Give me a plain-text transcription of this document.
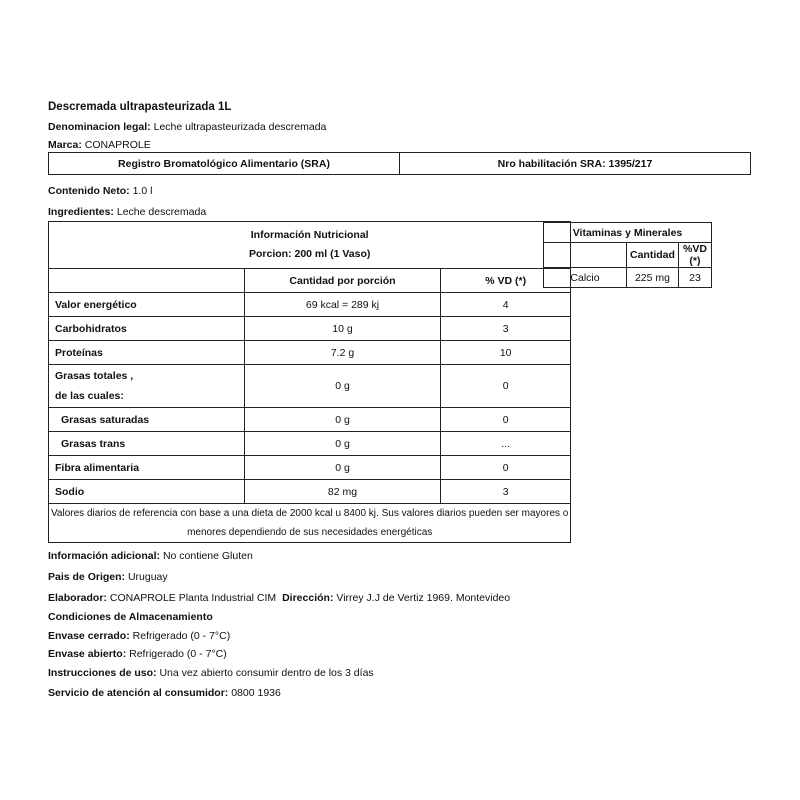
Descremada ultrapasteurizada 1L
Denominacion legal: Leche ultrapasteurizada descremada
Marca: CONAPROLE
Registro Bromatológico Alimentario (SRA)	Nro habilitación SRA: 1395/217
Contenido Neto: 1.0 l
Ingredientes: Leche descremada
Información Nutricional
Porcion: 200 ml (1 Vaso)		

	Cantidad por porción	% VD (*)
Valor energético	69 kcal = 289 kj	4
Carbohidratos	10 g	3
Proteínas	7.2 g	10

Grasas totales ,
de las cuales:	0 g	0
Grasas saturadas	0 g	0
Grasas trans	0 g	...
Fibra alimentaria	0 g	0
Sodio	82 mg	3

Valores diarios de referencia con base a una dieta de 2000 kcal u 8400 kj. Sus valores diarios pueden ser mayores o
menores dependiendo de sus necesidades energéticas		
Vitaminas y Minerales		
	Cantidad	%VD (*)
Calcio	225 mg	23
Información adicional: No contiene Gluten
Pais de Origen: Uruguay
Elaborador: CONAPROLE Planta Industrial CIM Dirección: Virrey J.J de Vertiz 1969. Montevideo
Condiciones de Almacenamiento
Envase cerrado: Refrigerado (0 - 7°C)
Envase abierto: Refrigerado (0 - 7°C)
Instrucciones de uso: Una vez abierto consumir dentro de los 3 días
Servicio de atención al consumidor: 0800 1936
